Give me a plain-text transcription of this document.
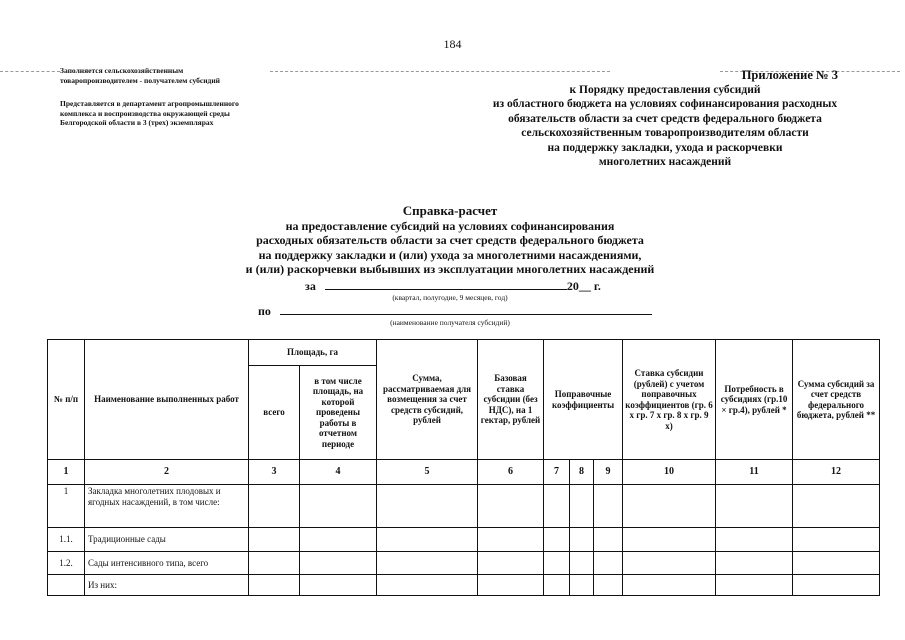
184
Заполняется сельскохозяйственным
товаропроизводителем - получателем субсидий
Представляется в департамент агропромышленного
комплекса и воспроизводства окружающей среды
Белгородской области в 3 (трех) экземплярах
Приложение № 3
к Порядку предоставления субсидий
из областного бюджета на условиях софинансирования расходных
обязательств области за счет средств федерального бюджета
сельскохозяйственным товаропроизводителям области
на поддержку закладки, ухода и раскорчевки
многолетних насаждений
Справка-расчет
на предоставление субсидий на условиях софинансирования
расходных обязательств области за счет средств федерального бюджета
на поддержку закладки и (или) ухода за многолетними насаждениями,
и (или) раскорчевки выбывших из эксплуатации многолетних насаждений
за	20__ г.
(квартал, полугодие, 9 месяцев, год)
по
(наименование получателя субсидий)
№ п/п	Наименование выполненных работ	Площадь, га		Сумма, рассматриваемая для возмещения за счет средств субсидий, рублей	Базовая ставка субсидии (без НДС), на 1 гектар, рублей	Поправочные коэффициенты			Ставка субсидии (рублей) с учетом поправочных коэффициентов (гр. 6 х гр. 7 х гр. 8 х гр. 9 х)	Потребность в субсидиях (гр.10 × гр.4), рублей *	Сумма субсидий за счет средств федерального бюджета, рублей **
		всего	в том числе площадь, на которой проведены работы в отчетном периоде								
1	2	3	4	5	6	7	8	9	10	11	12
1	Закладка многолетних плодовых и ягодных насаждений, в том числе:										
1.1.	Традиционные сады										
1.2.	Сады интенсивного типа, всего										
	Из них:										
